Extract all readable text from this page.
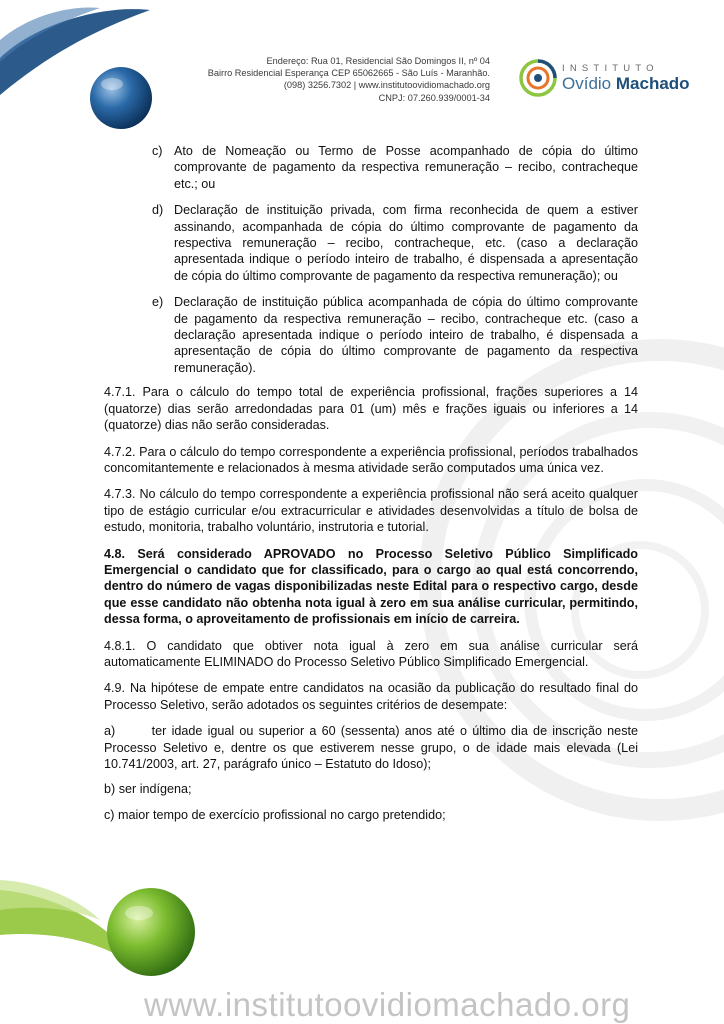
Endereço: Rua 01, Residencial São Domingos II, nº 04
Bairro Residencial Esperança CEP 65062665 - São Luís - Maranhão.
(098) 3256.7302 | www.institutoovidiomachado.org
CNPJ: 07.260.939/0001-34
INSTITUTO
Ovídio Machado
c) Ato de Nomeação ou Termo de Posse acompanhado de cópia do último comprovante de pagamento da respectiva remuneração – recibo, contracheque etc.; ou
d) Declaração de instituição privada, com firma reconhecida de quem a estiver assinando, acompanhada de cópia do último comprovante de pagamento da respectiva remuneração – recibo, contracheque, etc. (caso a declaração apresentada indique o período inteiro de trabalho, é dispensada a apresentação de cópia do último comprovante de pagamento da respectiva remuneração); ou
e) Declaração de instituição pública acompanhada de cópia do último comprovante de pagamento da respectiva remuneração – recibo, contracheque etc. (caso a declaração apresentada indique o período inteiro de trabalho, é dispensada a apresentação de cópia do último comprovante de pagamento da respectiva remuneração).

4.7.1. Para o cálculo do tempo total de experiência profissional, frações superiores a 14 (quatorze) dias serão arredondadas para 01 (um) mês e frações iguais ou inferiores a 14 (quatorze) dias não serão consideradas.

4.7.2. Para o cálculo do tempo correspondente a experiência profissional, períodos trabalhados concomitantemente e relacionados à mesma atividade serão computados uma única vez.

4.7.3. No cálculo do tempo correspondente a experiência profissional não será aceito qualquer tipo de estágio curricular e/ou extracurricular e atividades desenvolvidas a título de bolsa de estudo, monitoria, trabalho voluntário, instrutoria e tutorial.

4.8. Será considerado APROVADO no Processo Seletivo Público Simplificado Emergencial o candidato que for classificado, para o cargo ao qual está concorrendo, dentro do número de vagas disponibilizadas neste Edital para o respectivo cargo, desde que esse candidato não obtenha nota igual à zero em sua análise curricular, permitindo, dessa forma, o aproveitamento de profissionais em início de carreira.

4.8.1. O candidato que obtiver nota igual à zero em sua análise curricular será automaticamente ELIMINADO do Processo Seletivo Público Simplificado Emergencial.

4.9. Na hipótese de empate entre candidatos na ocasião da publicação do resultado final do Processo Seletivo, serão adotados os seguintes critérios de desempate:

a)       ter idade igual ou superior a 60 (sessenta) anos até o último dia de inscrição neste Processo Seletivo e, dentre os que estiverem nesse grupo, o de idade mais elevada (Lei 10.741/2003, art. 27, parágrafo único – Estatuto do Idoso);

b) ser indígena;

c) maior tempo de exercício profissional no cargo pretendido;

www.institutoovidiomachado.org
